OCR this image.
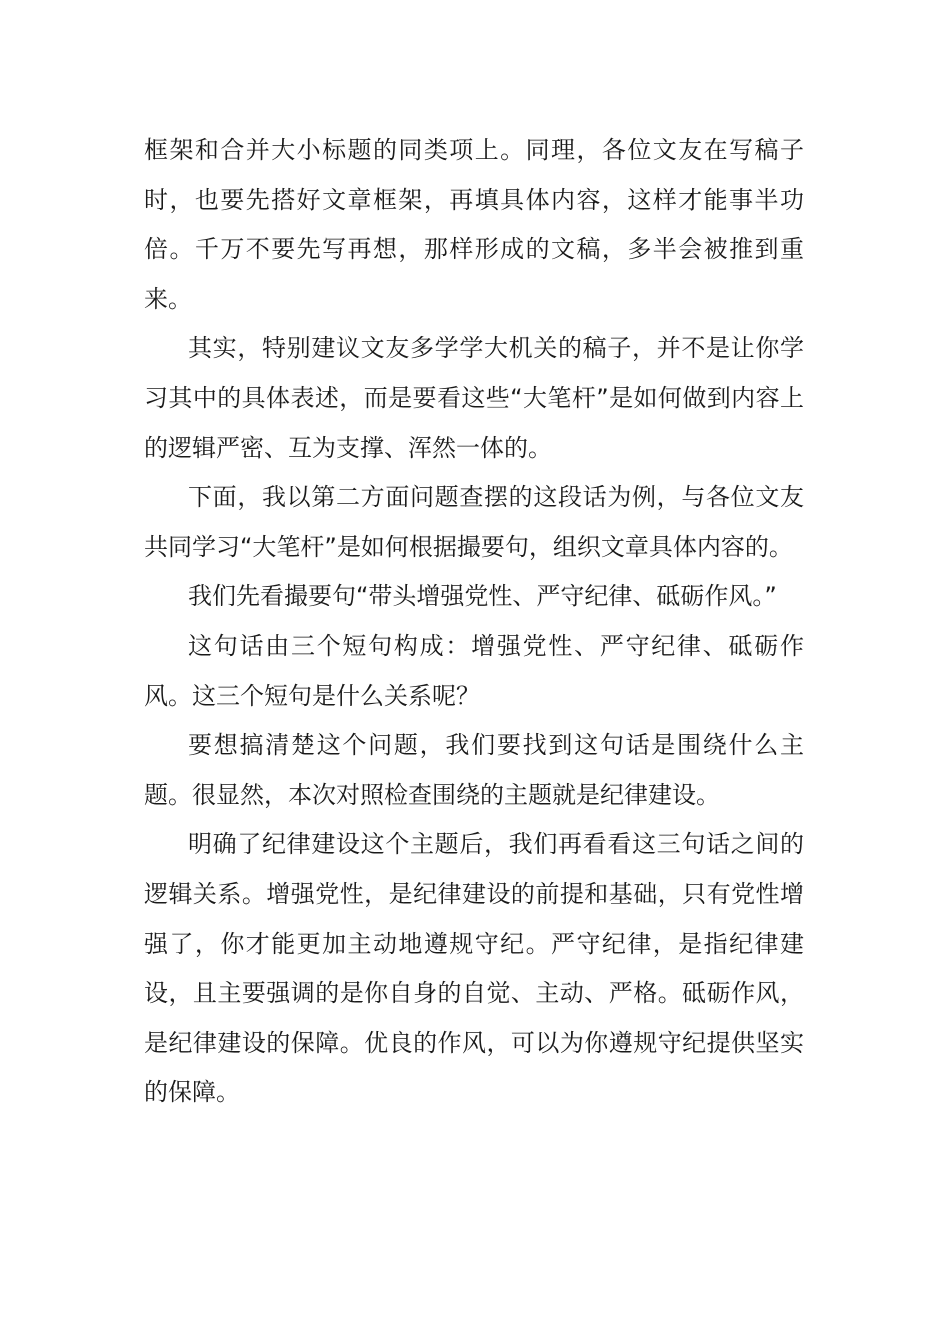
框架和合并大小标题的同类项上。同理，各位文友在写稿子时，也要先搭好文章框架，再填具体内容，这样才能事半功倍。千万不要先写再想，那样形成的文稿，多半会被推到重来。

其实，特别建议文友多学学大机关的稿子，并不是让你学习其中的具体表述，而是要看这些“大笔杆”是如何做到内容上的逻辑严密、互为支撑、浑然一体的。

下面，我以第二方面问题查摆的这段话为例，与各位文友共同学习“大笔杆”是如何根据撮要句，组织文章具体内容的。

我们先看撮要句“带头增强党性、严守纪律、砥砺作风。”

这句话由三个短句构成：增强党性、严守纪律、砥砺作风。这三个短句是什么关系呢？

要想搞清楚这个问题，我们要找到这句话是围绕什么主题。很显然，本次对照检查围绕的主题就是纪律建设。

明确了纪律建设这个主题后，我们再看看这三句话之间的逻辑关系。增强党性，是纪律建设的前提和基础，只有党性增强了，你才能更加主动地遵规守纪。严守纪律，是指纪律建设，且主要强调的是你自身的自觉、主动、严格。砥砺作风，是纪律建设的保障。优良的作风，可以为你遵规守纪提供坚实的保障。
